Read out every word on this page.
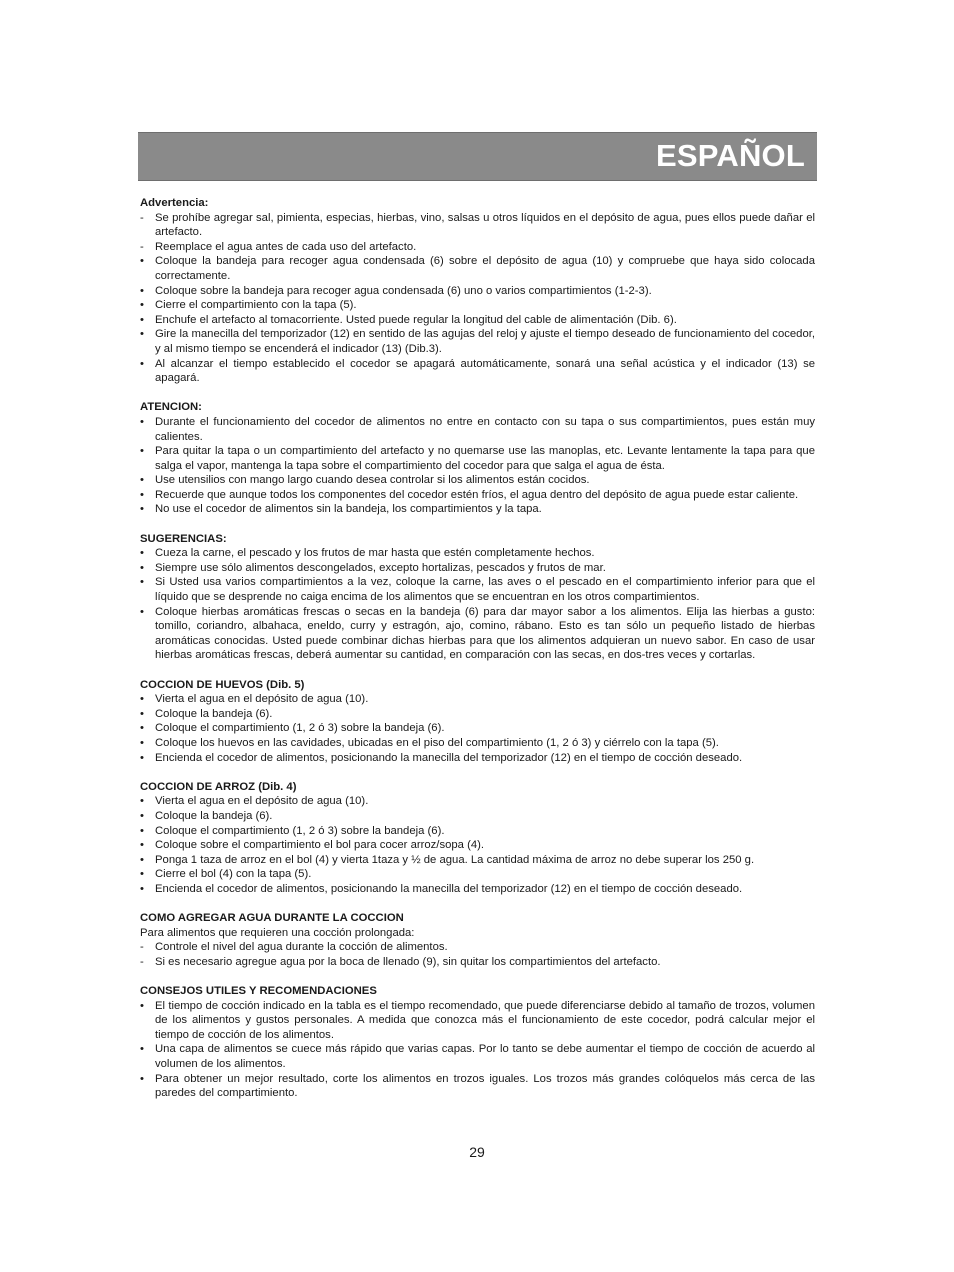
ESPAÑOL
Advertencia:
- Se prohíbe agregar sal, pimienta, especias, hierbas, vino, salsas u otros líquidos en el depósito de agua, pues ellos puede dañar el artefacto.
- Reemplace el agua antes de cada uso del artefacto.
• Coloque la bandeja para recoger agua condensada (6) sobre el depósito de agua (10) y compruebe que haya sido colocada correctamente.
• Coloque sobre la bandeja para recoger agua condensada (6) uno o varios compartimientos (1-2-3).
• Cierre el compartimiento con la tapa (5).
• Enchufe el artefacto al tomacorriente. Usted puede regular la longitud del cable de alimentación (Dib. 6).
• Gire la manecilla del temporizador (12) en sentido de las agujas del reloj y ajuste el tiempo deseado de funcionamiento del cocedor, y al mismo tiempo se encenderá el indicador (13) (Dib.3).
• Al alcanzar el tiempo establecido el cocedor se apagará automáticamente, sonará una señal acústica y el indicador (13) se apagará.
ATENCION:
• Durante el funcionamiento del cocedor de alimentos no entre en contacto con su tapa o sus compartimientos, pues están muy calientes.
• Para quitar la tapa o un compartimiento del artefacto y no quemarse use las manoplas, etc. Levante lentamente la tapa para que salga el vapor, mantenga la tapa sobre el compartimiento del cocedor para que salga el agua de ésta.
• Use utensilios con mango largo cuando desea controlar si los alimentos están cocidos.
• Recuerde que aunque todos los componentes del cocedor estén fríos, el agua dentro del depósito de agua puede estar caliente.
• No use el cocedor de alimentos sin la bandeja, los compartimientos y la tapa.
SUGERENCIAS:
• Cueza la carne, el pescado y los frutos de mar hasta que estén completamente hechos.
• Siempre use sólo alimentos descongelados, excepto hortalizas, pescados y frutos de mar.
• Si Usted usa varios compartimientos a la vez, coloque la carne, las aves o el pescado en el compartimiento inferior para que el líquido que se desprende no caiga encima de los alimentos que se encuentran en los otros compartimientos.
• Coloque hierbas aromáticas frescas o secas en la bandeja (6) para dar mayor sabor a los alimentos. Elija las hierbas a gusto: tomillo, coriandro, albahaca, eneldo, curry y estragón, ajo, comino, rábano. Esto es tan sólo un pequeño listado de hierbas aromáticas conocidas. Usted puede combinar dichas hierbas para que los alimentos adquieran un nuevo sabor. En caso de usar hierbas aromáticas frescas, deberá aumentar su cantidad, en comparación con las secas, en dos-tres veces y cortarlas.
COCCION DE HUEVOS (Dib. 5)
• Vierta el agua en el depósito de agua (10).
• Coloque la bandeja (6).
• Coloque el compartimiento (1, 2 ó 3) sobre la bandeja (6).
• Coloque los huevos en las cavidades, ubicadas en el piso del compartimiento (1, 2 ó 3) y ciérrelo con la tapa (5).
• Encienda el cocedor de alimentos, posicionando la manecilla del temporizador (12) en el tiempo de cocción deseado.
COCCION DE ARROZ (Dib. 4)
• Vierta el agua en el depósito de agua (10).
• Coloque la bandeja (6).
• Coloque el compartimiento (1, 2 ó 3) sobre la bandeja (6).
• Coloque sobre el compartimiento el bol para cocer arroz/sopa (4).
• Ponga 1 taza de arroz en el bol (4) y vierta 1taza y ½ de agua. La cantidad máxima de arroz no debe superar los 250 g.
• Cierre el bol (4) con la tapa (5).
• Encienda el cocedor de alimentos, posicionando la manecilla del temporizador (12) en el tiempo de cocción deseado.
COMO AGREGAR AGUA DURANTE LA COCCION
Para alimentos que requieren una cocción prolongada:
- Controle el nivel del agua durante la cocción de alimentos.
- Si es necesario agregue agua por la boca de llenado (9), sin quitar los compartimientos del artefacto.
CONSEJOS UTILES Y RECOMENDACIONES
• El tiempo de cocción indicado en la tabla es el tiempo recomendado, que puede diferenciarse debido al tamaño de trozos, volumen de los alimentos y gustos personales. A medida que conozca más el funcionamiento de este cocedor, podrá calcular mejor el tiempo de cocción de los alimentos.
• Una capa de alimentos se cuece más rápido que varias capas. Por lo tanto se debe aumentar el tiempo de cocción de acuerdo al volumen de los alimentos.
• Para obtener un mejor resultado, corte los alimentos en trozos iguales. Los trozos más grandes colóquelos más cerca de las paredes del compartimiento.
29
